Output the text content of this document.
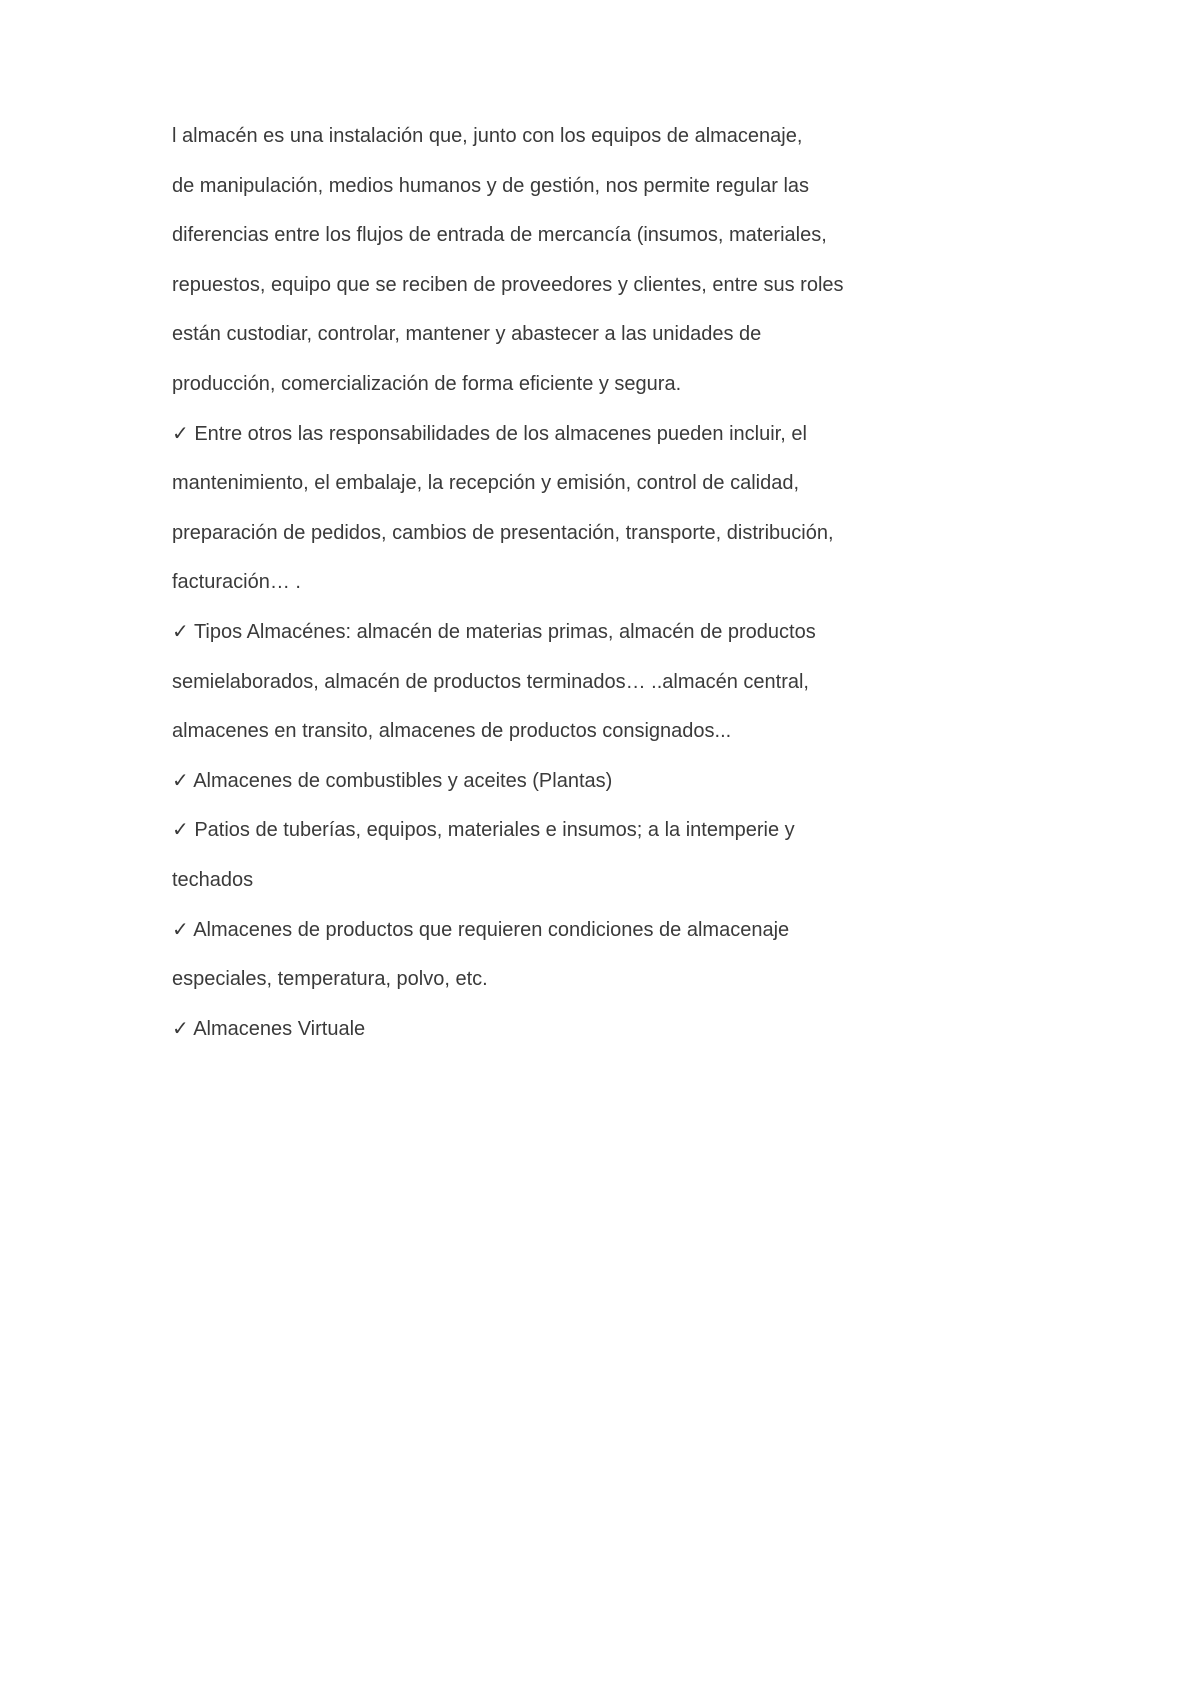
l almacén es una instalación que, junto con los equipos de almacenaje,
de manipulación, medios humanos y de gestión, nos permite regular las
diferencias entre los flujos de entrada de mercancía (insumos, materiales,
repuestos, equipo que se reciben de proveedores y clientes, entre sus roles
están custodiar, controlar, mantener y abastecer a las unidades de
producción, comercialización de forma eficiente y segura.
✓ Entre otros las responsabilidades de los almacenes pueden incluir, el
mantenimiento, el embalaje, la recepción y emisión, control de calidad,
preparación de pedidos, cambios de presentación, transporte, distribución,
facturación… .
✓ Tipos Almacénes: almacén de materias primas, almacén de productos
semielaborados, almacén de productos terminados… ..almacén central,
almacenes en transito, almacenes de productos consignados...
✓ Almacenes de combustibles y aceites (Plantas)
✓ Patios de tuberías, equipos, materiales e insumos; a la intemperie y
techados
✓ Almacenes de productos que requieren condiciones de almacenaje
especiales, temperatura, polvo, etc.
✓ Almacenes Virtuale
